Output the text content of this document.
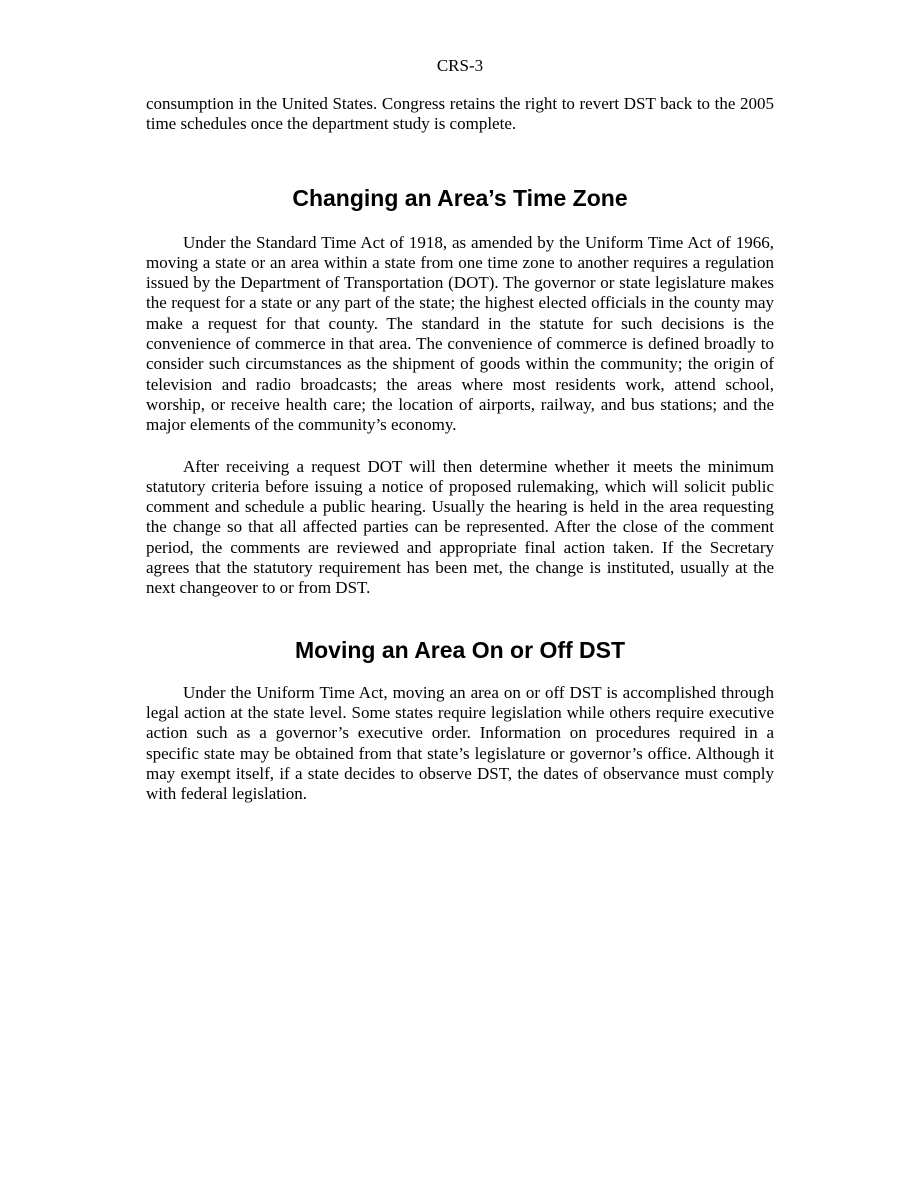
CRS-3

consumption in the United States. Congress retains the right to revert DST back to the 2005 time schedules once the department study is complete.

Changing an Area’s Time Zone

Under the Standard Time Act of 1918, as amended by the Uniform Time Act of 1966, moving a state or an area within a state from one time zone to another requires a regulation issued by the Department of Transportation (DOT). The governor or state legislature makes the request for a state or any part of the state; the highest elected officials in the county may make a request for that county. The standard in the statute for such decisions is the convenience of commerce in that area. The convenience of commerce is defined broadly to consider such circumstances as the shipment of goods within the community; the origin of television and radio broadcasts; the areas where most residents work, attend school, worship, or receive health care; the location of airports, railway, and bus stations; and the major elements of the community’s economy.

After receiving a request DOT will then determine whether it meets the minimum statutory criteria before issuing a notice of proposed rulemaking, which will solicit public comment and schedule a public hearing. Usually the hearing is held in the area requesting the change so that all affected parties can be represented. After the close of the comment period, the comments are reviewed and appropriate final action taken. If the Secretary agrees that the statutory requirement has been met, the change is instituted, usually at the next changeover to or from DST.

Moving an Area On or Off DST

Under the Uniform Time Act, moving an area on or off DST is accomplished through legal action at the state level. Some states require legislation while others require executive action such as a governor’s executive order. Information on procedures required in a specific state may be obtained from that state’s legislature or governor’s office. Although it may exempt itself, if a state decides to observe DST, the dates of observance must comply with federal legislation.
